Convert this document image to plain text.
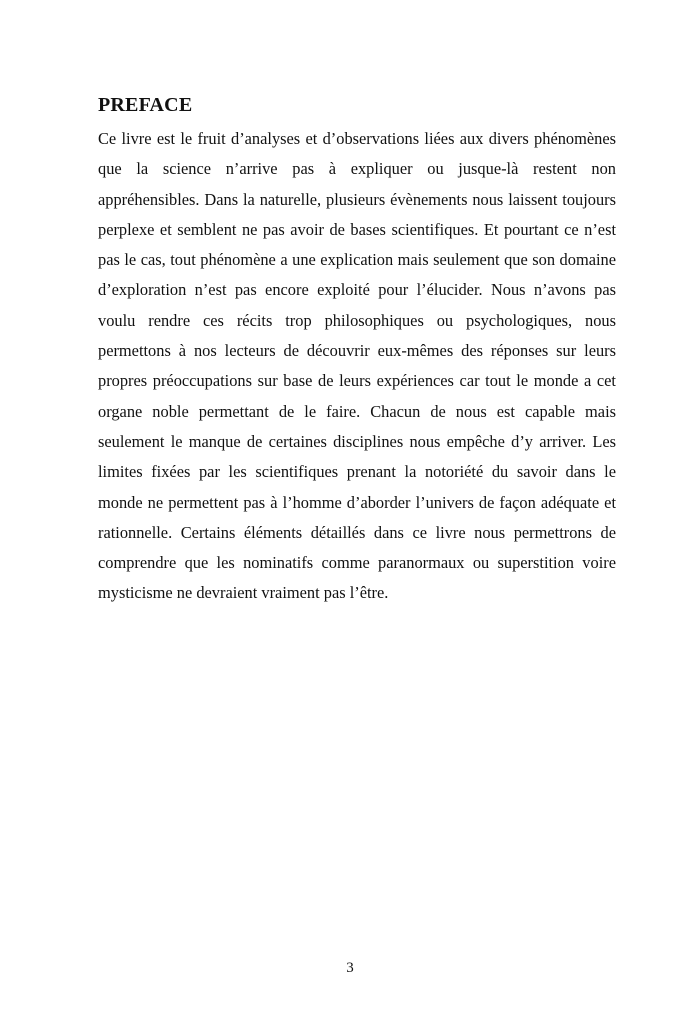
PREFACE

Ce livre est le fruit d’analyses et d’observations liées aux divers phénomènes
que la science n’arrive pas à expliquer ou jusque-là restent non
appréhensibles. Dans la naturelle, plusieurs évènements nous laissent toujours
perplexe et semblent ne pas avoir de bases scientifiques. Et pourtant ce n’est
pas le cas, tout phénomène a une explication mais seulement que son domaine
d’exploration n’est pas encore exploité pour l’élucider. Nous n’avons pas
voulu rendre ces récits trop philosophiques ou psychologiques, nous
permettons à nos lecteurs de découvrir eux-mêmes des réponses sur leurs
propres préoccupations sur base de leurs expériences car tout le monde a cet
organe noble permettant de le faire. Chacun de nous est capable mais
seulement le manque de certaines disciplines nous empêche d’y arriver. Les
limites fixées par les scientifiques prenant la notoriété du savoir dans le
monde ne permettent pas à l’homme d’aborder l’univers de façon adéquate et
rationnelle. Certains éléments détaillés dans ce livre nous permettrons de
comprendre que les nominatifs comme paranormaux ou superstition voire
mysticisme ne devraient vraiment pas l’être.

3
